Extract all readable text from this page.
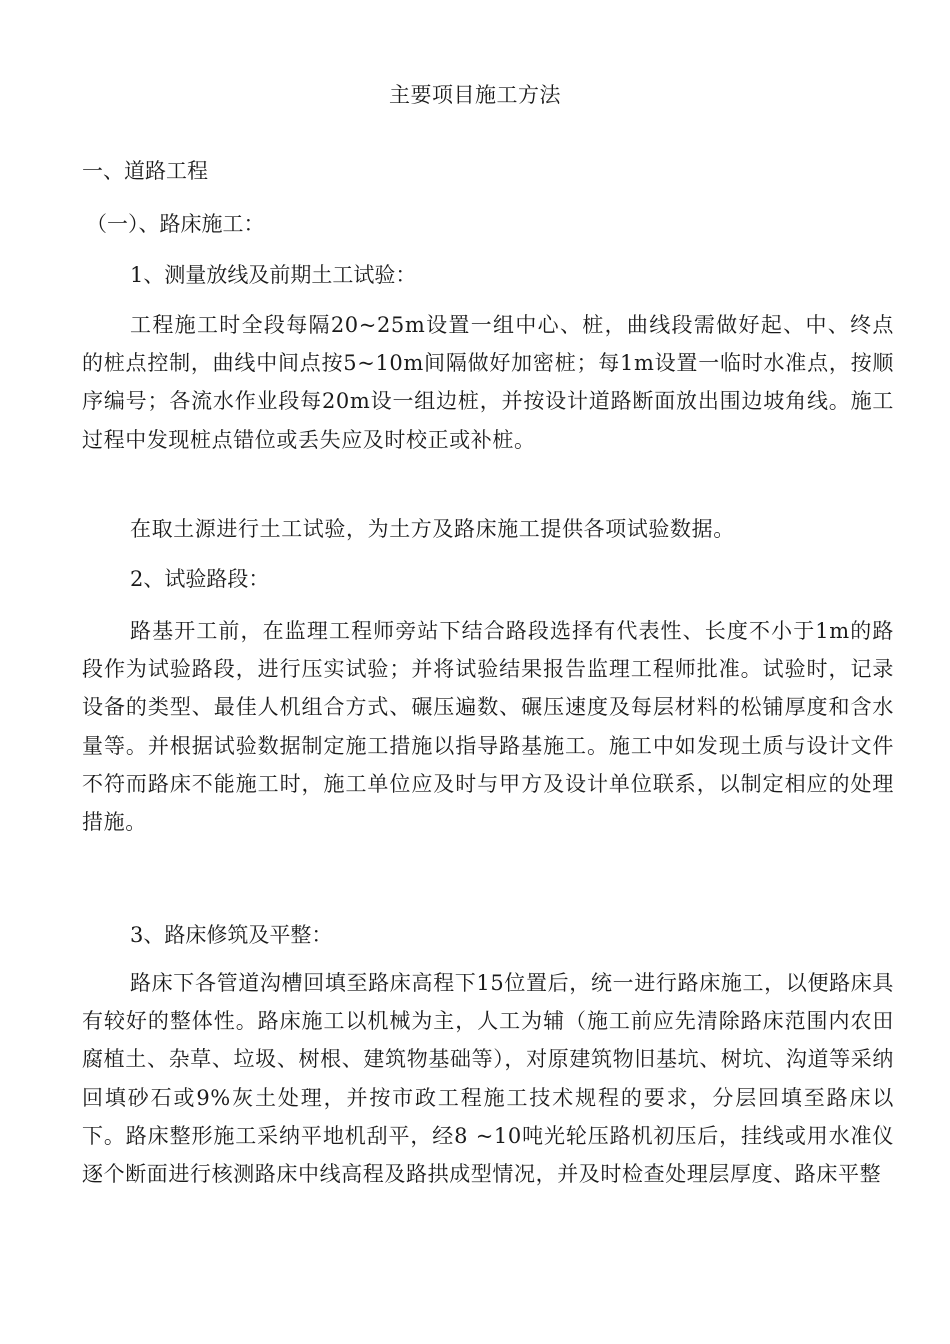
主要项目施工方法
一、道路工程
（一）、路床施工：
1、测量放线及前期土工试验：
工程施工时全段每隔20~25m设置一组中心、桩，曲线段需做好起、中、终点的桩点控制，曲线中间点按5~10m间隔做好加密桩；每1m设置一临时水准点，按顺序编号；各流水作业段每20m设一组边桩，并按设计道路断面放出围边坡角线。施工过程中发现桩点错位或丢失应及时校正或补桩。
在取土源进行土工试验，为土方及路床施工提供各项试验数据。
2、试验路段：
路基开工前，在监理工程师旁站下结合路段选择有代表性、长度不小于1m的路段作为试验路段，进行压实试验；并将试验结果报告监理工程师批准。试验时，记录设备的类型、最佳人机组合方式、碾压遍数、碾压速度及每层材料的松铺厚度和含水量等。并根据试验数据制定施工措施以指导路基施工。施工中如发现土质与设计文件不符而路床不能施工时，施工单位应及时与甲方及设计单位联系，以制定相应的处理措施。
3、路床修筑及平整：
路床下各管道沟槽回填至路床高程下15位置后，统一进行路床施工，以便路床具有较好的整体性。路床施工以机械为主，人工为辅（施工前应先清除路床范围内农田腐植土、杂草、垃圾、树根、建筑物基础等），对原建筑物旧基坑、树坑、沟道等采纳回填砂石或9%灰土处理，并按市政工程施工技术规程的要求，分层回填至路床以下。路床整形施工采纳平地机刮平，经8 ~10吨光轮压路机初压后，挂线或用水准仪逐个断面进行核测路床中线高程及路拱成型情况，并及时检查处理层厚度、路床平整
